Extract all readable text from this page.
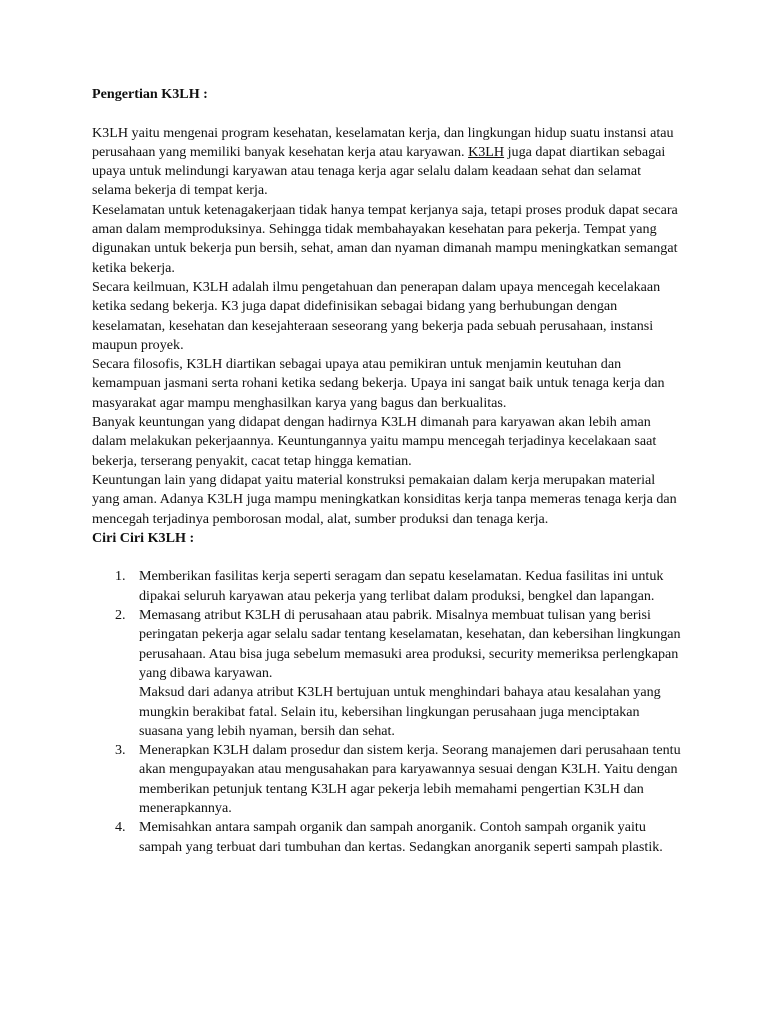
Pengertian K3LH :

K3LH yaitu mengenai program kesehatan, keselamatan kerja, dan lingkungan hidup suatu instansi atau perusahaan yang memiliki banyak kesehatan kerja atau karyawan. K3LH juga dapat diartikan sebagai upaya untuk melindungi karyawan atau tenaga kerja agar selalu dalam keadaan sehat dan selamat selama bekerja di tempat kerja.

Keselamatan untuk ketenagakerjaan tidak hanya tempat kerjanya saja, tetapi proses produk dapat secara aman dalam memproduksinya. Sehingga tidak membahayakan kesehatan para pekerja. Tempat yang digunakan untuk bekerja pun bersih, sehat, aman dan nyaman dimanah mampu meningkatkan semangat ketika bekerja.

Secara keilmuan, K3LH adalah ilmu pengetahuan dan penerapan dalam upaya mencegah kecelakaan ketika sedang bekerja. K3 juga dapat didefinisikan sebagai bidang yang berhubungan dengan keselamatan, kesehatan dan kesejahteraan seseorang yang bekerja pada sebuah perusahaan, instansi maupun proyek.

Secara filosofis, K3LH diartikan sebagai upaya atau pemikiran untuk menjamin keutuhan dan kemampuan jasmani serta rohani ketika sedang bekerja. Upaya ini sangat baik untuk tenaga kerja dan masyarakat agar mampu menghasilkan karya yang bagus dan berkualitas.

Banyak keuntungan yang didapat dengan hadirnya K3LH dimanah para karyawan akan lebih aman dalam melakukan pekerjaannya. Keuntungannya yaitu mampu mencegah terjadinya kecelakaan saat bekerja, terserang penyakit, cacat tetap hingga kematian.

Keuntungan lain yang didapat yaitu material konstruksi pemakaian dalam kerja merupakan material yang aman. Adanya K3LH juga mampu meningkatkan konsiditas kerja tanpa memeras tenaga kerja dan mencegah terjadinya pemborosan modal, alat, sumber produksi dan tenaga kerja.

Ciri Ciri K3LH :

1. Memberikan fasilitas kerja seperti seragam dan sepatu keselamatan. Kedua fasilitas ini untuk dipakai seluruh karyawan atau pekerja yang terlibat dalam produksi, bengkel dan lapangan.
2. Memasang atribut K3LH di perusahaan atau pabrik. Misalnya membuat tulisan yang berisi peringatan pekerja agar selalu sadar tentang keselamatan, kesehatan, dan kebersihan lingkungan perusahaan. Atau bisa juga sebelum memasuki area produksi, security memeriksa perlengkapan yang dibawa karyawan.

Maksud dari adanya atribut K3LH bertujuan untuk menghindari bahaya atau kesalahan yang mungkin berakibat fatal. Selain itu, kebersihan lingkungan perusahaan juga menciptakan suasana yang lebih nyaman, bersih dan sehat.

3. Menerapkan K3LH dalam prosedur dan sistem kerja. Seorang manajemen dari perusahaan tentu akan mengupayakan atau mengusahakan para karyawannya sesuai dengan K3LH. Yaitu dengan memberikan petunjuk tentang K3LH agar pekerja lebih memahami pengertian K3LH dan menerapkannya.
4. Memisahkan antara sampah organik dan sampah anorganik. Contoh sampah organik yaitu sampah yang terbuat dari tumbuhan dan kertas. Sedangkan anorganik seperti sampah plastik.
